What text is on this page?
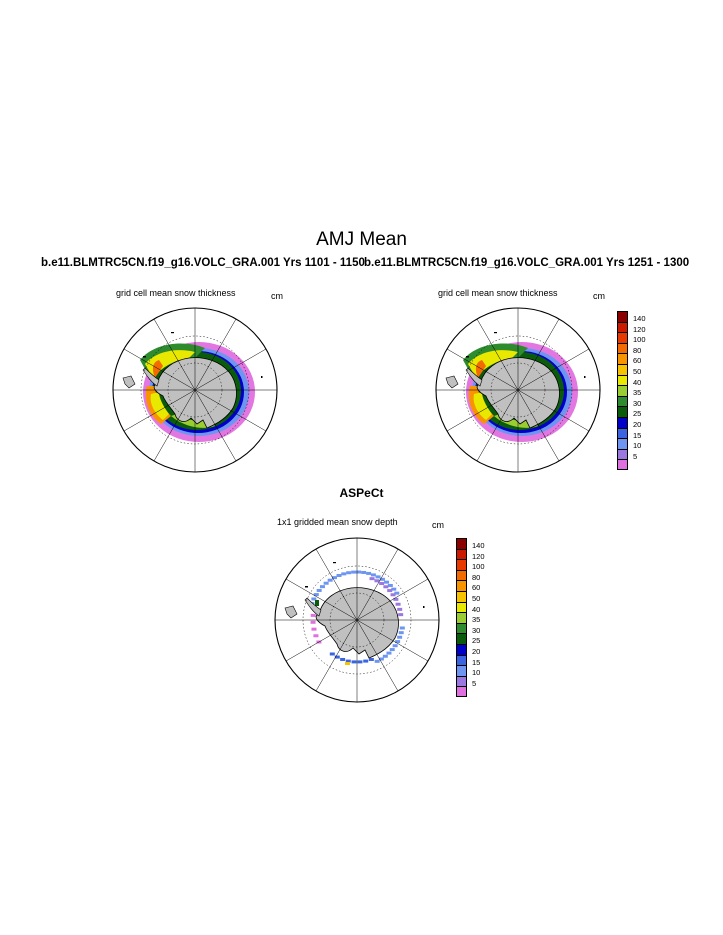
AMJ Mean
b.e11.BLMTRC5CN.f19_g16.VOLC_GRA.001 Yrs 1101 - 1150 b.e11.BLMTRC5CN.f19_g16.VOLC_GRA.001 Yrs 1251 - 1300
grid cell mean snow thickness	cm	grid cell mean snow thickness	cm
ASPeCt
1x1 gridded mean snow depth	cm
140
120
100
80
60
50
40
35
30
25
20
15
10
5
140
120
100
80
60
50
40
35
30
25
20
15
10
5
